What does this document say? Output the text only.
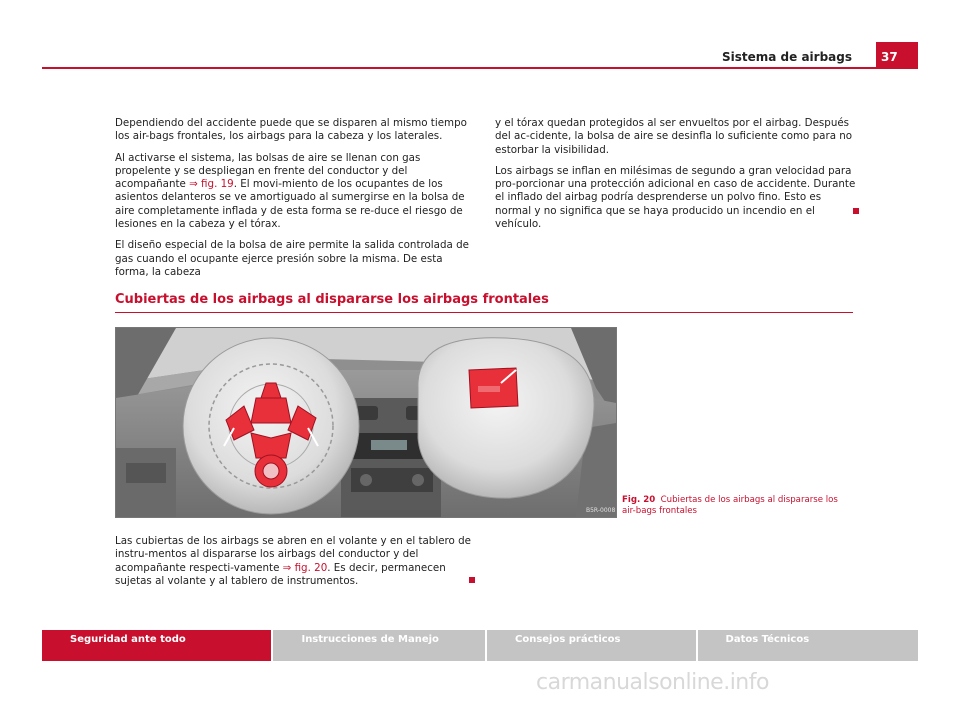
37
Sistema de airbags

Dependiendo del accidente puede que se disparen al mismo tiempo los air-bags frontales, los airbags para la cabeza y los laterales.

Al activarse el sistema, las bolsas de aire se llenan con gas propelente y se despliegan en frente del conductor y del acompañante ⇒ fig. 19. El movi-miento de los ocupantes de los asientos delanteros se ve amortiguado al sumergirse en la bolsa de aire completamente inflada y de esta forma se re-duce el riesgo de lesiones en la cabeza y el tórax.

El diseño especial de la bolsa de aire permite la salida controlada de gas cuando el ocupante ejerce presión sobre la misma. De esta forma, la cabeza

y el tórax quedan protegidos al ser envueltos por el airbag. Después del ac-cidente, la bolsa de aire se desinfla lo suficiente como para no estorbar la visibilidad.

Los airbags se inflan en milésimas de segundo a gran velocidad para pro-porcionar una protección adicional en caso de accidente. Durante el inflado del airbag podría desprenderse un polvo fino. Esto es normal y no significa que se haya producido un incendio en el vehículo.

Cubiertas de los airbags al dispararse los airbags frontales
B5R-0008
Fig. 20 Cubiertas de los airbags al dispararse los air-bags frontales
Las cubiertas de los airbags se abren en el volante y en el tablero de instru-mentos al dispararse los airbags del conductor y del acompañante respecti-vamente ⇒ fig. 20. Es decir, permanecen sujetas al volante y al tablero de instrumentos.
Seguridad ante todo	Instrucciones de Manejo	Consejos prácticos	Datos Técnicos
carmanualsonline.info
